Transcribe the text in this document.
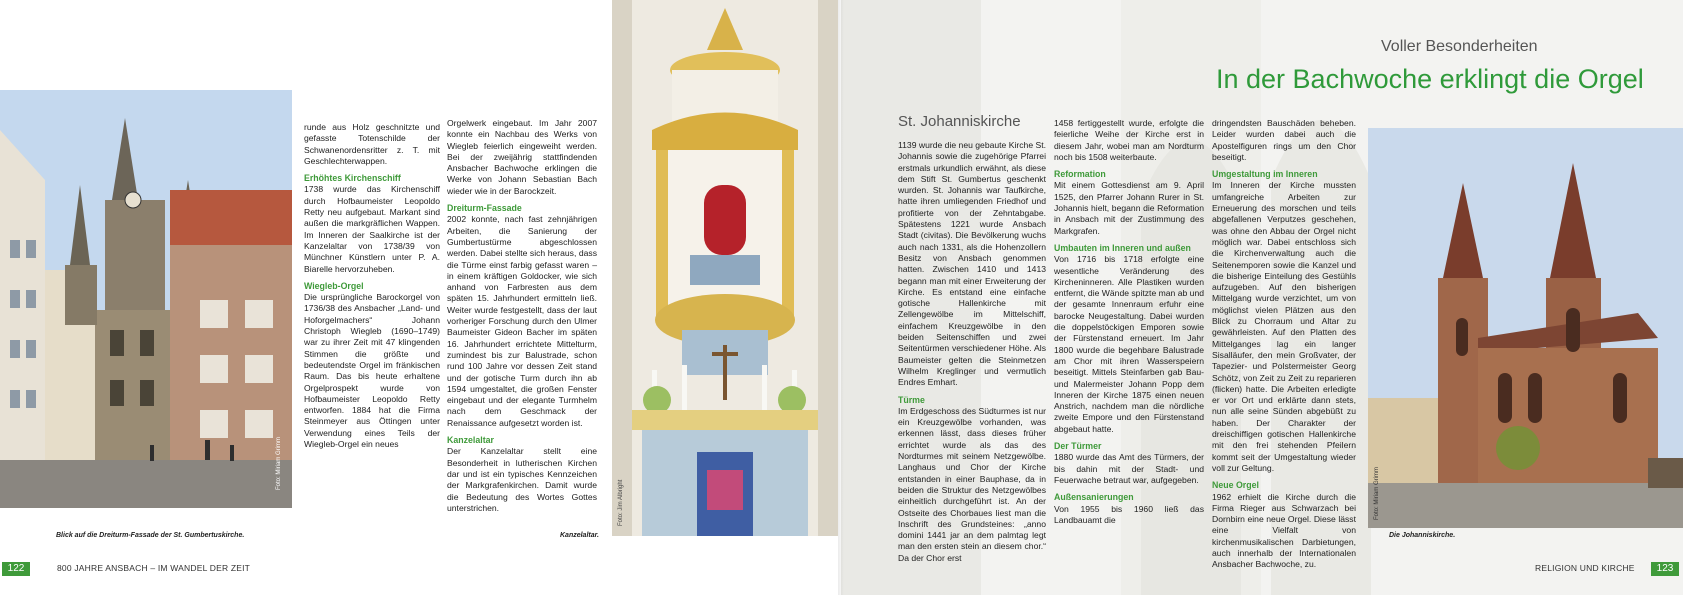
Foto: Miriam Grimm
Blick auf die Dreiturm-Fassade der St. Gumbertuskirche.

runde aus Holz geschnitzte und gefasste Totenschilde der Schwanenordensritter z. T. mit Geschlechterwappen.

Erhöhtes Kirchenschiff

1738 wurde das Kirchenschiff durch Hofbaumeister Leopoldo Retty neu aufgebaut. Markant sind außen die markgräflichen Wappen. Im Inneren der Saalkirche ist der Kanzelaltar von 1738/39 von Münchner Künstlern unter P. A. Biarelle hervorzuheben.

Wiegleb-Orgel

Die ursprüngliche Barockorgel von 1736/38 des Ansbacher „Land- und Hoforgelmachers“ Johann Christoph Wiegleb (1690–1749) war zu ihrer Zeit mit 47 klingenden Stimmen die größte und bedeutendste Orgel im fränkischen Raum. Das bis heute erhaltene Orgelprospekt wurde von Hofbaumeister Leopoldo Retty entworfen. 1884 hat die Firma Steinmeyer aus Öttingen unter Verwendung eines Teils der Wiegleb-Orgel ein neues

Orgelwerk eingebaut. Im Jahr 2007 konnte ein Nachbau des Werks von Wiegleb feierlich eingeweiht werden. Bei der zweijährig stattfindenden Ansbacher Bachwoche erklingen die Werke von Johann Sebastian Bach wieder wie in der Barockzeit.

Dreiturm-Fassade

2002 konnte, nach fast zehnjährigen Arbeiten, die Sanierung der Gumbertustürme abgeschlossen werden. Dabei stellte sich heraus, dass die Türme einst farbig gefasst waren – in einem kräftigen Goldocker, wie sich anhand von Farbresten aus dem späten 15. Jahrhundert ermitteln ließ. Weiter wurde festgestellt, dass der laut vorheriger Forschung durch den Ulmer Baumeister Gideon Bacher im späten 16. Jahrhundert errichtete Mittelturm, zumindest bis zur Balustrade, schon rund 100 Jahre vor dessen Zeit stand und der gotische Turm durch ihn ab 1594 umgestaltet, die großen Fenster eingebaut und der elegante Turmhelm nach dem Geschmack der Renaissance aufgesetzt worden ist.

Kanzelaltar

Der Kanzelaltar stellt eine Besonderheit in lutherischen Kirchen dar und ist ein typisches Kennzeichen der Markgrafenkirchen. Damit wurde die Bedeutung des Wortes Gottes unterstrichen.	Foto: Jim Albright
Kanzelaltar.
122	800 JAHRE ANSBACH – IM WANDEL DER ZEIT
Voller Besonderheiten
In der Bachwoche erklingt die Orgel
St. Johanniskirche

1139 wurde die neu gebaute Kirche St. Johannis sowie die zugehörige Pfarrei erstmals urkundlich erwähnt, als diese dem Stift St. Gumbertus geschenkt wurden. St. Johannis war Taufkirche, hatte ihren umliegenden Friedhof und profitierte von der Zehntabgabe. Spätestens 1221 wurde Ansbach Stadt (civitas). Die Bevölkerung wuchs auch nach 1331, als die Hohenzollern Besitz von Ansbach genommen hatten. Zwischen 1410 und 1413 begann man mit einer Erweiterung der Kirche. Es entstand eine einfache gotische Hallenkirche mit Zellengewölbe im Mittelschiff, einfachem Kreuzgewölbe in den beiden Seitenschiffen und zwei Seitentürmen verschiedener Höhe. Als Baumeister gelten die Steinmetzen Wilhelm Kreglinger und vermutlich Endres Emhart.

Türme

Im Erdgeschoss des Südturmes ist nur ein Kreuzgewölbe vorhanden, was erkennen lässt, dass dieses früher errichtet wurde als das des Nordturmes mit seinem Netzgewölbe. Langhaus und Chor der Kirche entstanden in einer Bauphase, da in beiden die Struktur des Netzgewölbes einheitlich durchgeführt ist. An der Ostseite des Chorbaues liest man die Inschrift des Grundsteines: „anno domini 1441 jar an dem palmtag legt man den ersten stein an diesem chor.“ Da der Chor erst

1458 fertiggestellt wurde, erfolgte die feierliche Weihe der Kirche erst in diesem Jahr, wobei man am Nordturm noch bis 1508 weiterbaute.

Reformation

Mit einem Gottesdienst am 9. April 1525, den Pfarrer Johann Rurer in St. Johannis hielt, begann die Reformation in Ansbach mit der Zustimmung des Markgrafen.

Umbauten im Inneren und außen

Von 1716 bis 1718 erfolgte eine wesentliche Veränderung des Kircheninneren. Alle Plastiken wurden entfernt, die Wände spitzte man ab und der gesamte Innenraum erfuhr eine barocke Neugestaltung. Dabei wurden die doppelstöckigen Emporen sowie der Fürstenstand erneuert. Im Jahr 1800 wurde die begehbare Balustrade am Chor mit ihren Wasserspeiern beseitigt. Mittels Steinfarben gab Bau- und Malermeister Johann Popp dem Inneren der Kirche 1875 einen neuen Anstrich, nachdem man die nördliche zweite Empore und den Fürstenstand abgebaut hatte.

Der Türmer

1880 wurde das Amt des Türmers, der bis dahin mit der Stadt- und Feuerwache betraut war, aufgegeben.

Außensanierungen

Von 1955 bis 1960 ließ das Landbauamt die

dringendsten Bauschäden beheben. Leider wurden dabei auch die Apostelfiguren rings um den Chor beseitigt.

Umgestaltung im Inneren

Im Inneren der Kirche mussten umfangreiche Arbeiten zur Erneuerung des morschen und teils abgefallenen Verputzes geschehen, was ohne den Abbau der Orgel nicht möglich war. Dabei entschloss sich die Kirchenverwaltung auch die Seitenemporen sowie die Kanzel und die bisherige Einteilung des Gestühls aufzugeben. Auf den bisherigen Mittelgang wurde verzichtet, um von möglichst vielen Plätzen aus den Blick zu Chorraum und Altar zu gewährleisten. Auf den Platten des Mittelganges lag ein langer Sisalläufer, den mein Großvater, der Tapezier- und Polstermeister Georg Schötz, von Zeit zu Zeit zu reparieren (flicken) hatte. Die Arbeiten erledigte er vor Ort und erklärte dann stets, nun alle seine Sünden abgebüßt zu haben. Der Charakter der dreischiffigen gotischen Hallenkirche mit den frei stehenden Pfeilern kommt seit der Umgestaltung wieder voll zur Geltung.

Neue Orgel

1962 erhielt die Kirche durch die Firma Rieger aus Schwarzach bei Dornbirn eine neue Orgel. Diese lässt eine Vielfalt von kirchenmusikalischen Darbietungen, auch innerhalb der Internationalen Ansbacher Bachwoche, zu.

Foto: Miriam Grimm
Die Johanniskirche.
RELIGION UND KIRCHE	123
